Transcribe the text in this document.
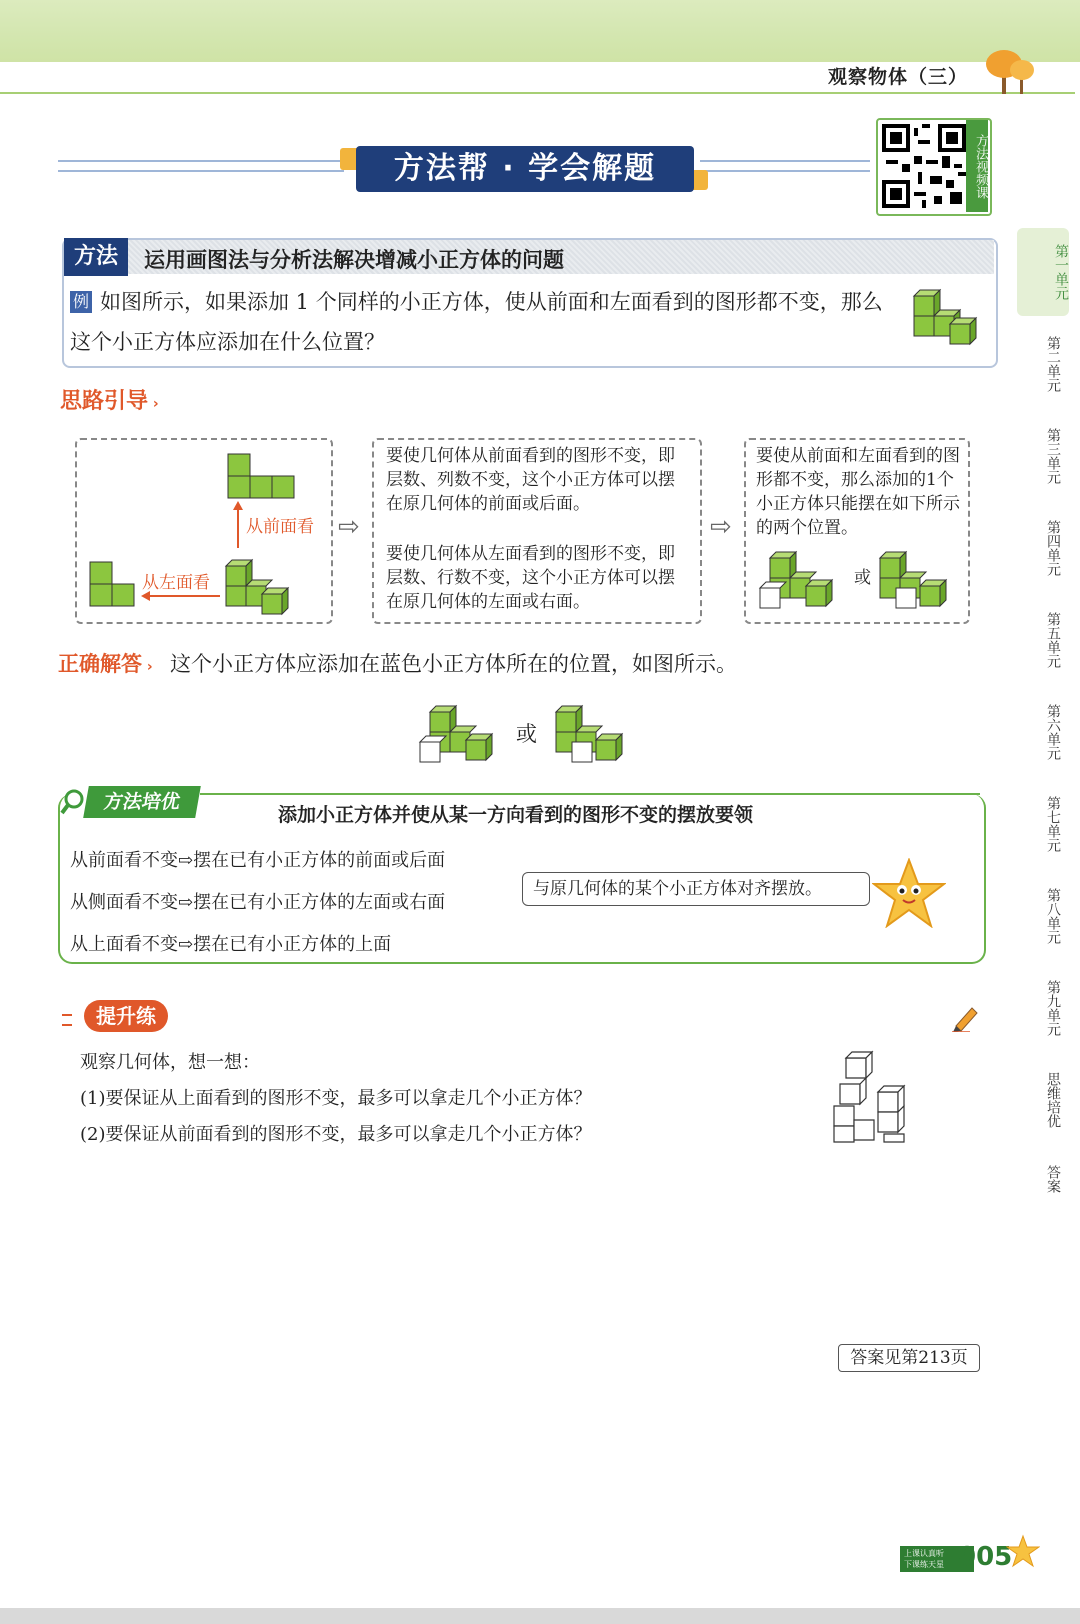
观察物体（三）
方法帮 · 学会解题	方法视频课
第一单元
第二单元
第三单元
第四单元
第五单元
第六单元
第七单元
第八单元
第九单元
思维培优
答案
方法	运用画图法与分析法解决增减小正方体的问题
例 如图所示，如果添加 1 个同样的小正方体，使从前面和左面看到的图形都不变，那么这个小正方体应添加在什么位置？
思路引导 ›
从前面看
从左面看
⇨
要使几何体从前面看到的图形不变，即层数、列数不变，这个小正方体可以摆在原几何体的前面或后面。
要使几何体从左面看到的图形不变，即层数、行数不变，这个小正方体可以摆在原几何体的左面或右面。
⇨
要使从前面和左面看到的图形都不变，那么添加的1个小正方体只能摆在如下所示的两个位置。
或
正确解答 › 这个小正方体应添加在蓝色小正方体所在的位置，如图所示。
或
方法培优
添加小正方体并使从某一方向看到的图形不变的摆放要领
从前面看不变⇨摆在已有小正方体的前面或后面
从侧面看不变⇨摆在已有小正方体的左面或右面
从上面看不变⇨摆在已有小正方体的上面
与原几何体的某个小正方体对齐摆放。
提升练
观察几何体，想一想：
(1)要保证从上面看到的图形不变，最多可以拿走几个小正方体？
(2)要保证从前面看到的图形不变，最多可以拿走几个小正方体？
答案见第213页
上课认真听
下课练天星 005
